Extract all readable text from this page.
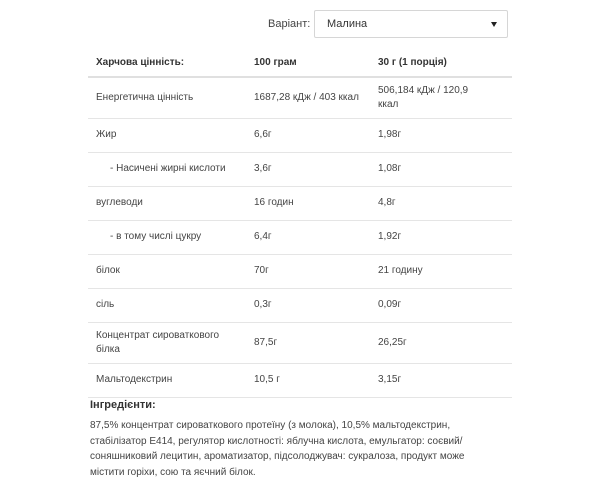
Варіант:	Малина
Харчова цінність:	100 грам	30 г (1 порція)
Енергетична цінність	1687,28 кДж / 403 ккал	506,184 кДж / 120,9 ккал

Жир	6,6г	1,98г
- Насичені жирні кислоти	3,6г	1,08г
вуглеводи	16 годин	4,8г
- в тому числі цукру	6,4г	1,92г
білок	70г	21 годину
сіль	0,3г	0,09г

Концентрат сироваткового білка	87,5г	26,25г
Мальтодекстрин	10,5 г	3,15г
Інгредієнти:
87,5% концентрат сироваткового протеїну (з молока), 10,5% мальтодекстрин, стабілізатор E414, регулятор кислотності: яблучна кислота, емульгатор: соєвий/соняшниковий лецитин, ароматизатор, підсолоджувач: сукралоза, продукт може містити горіхи, сою та яєчний білок.
